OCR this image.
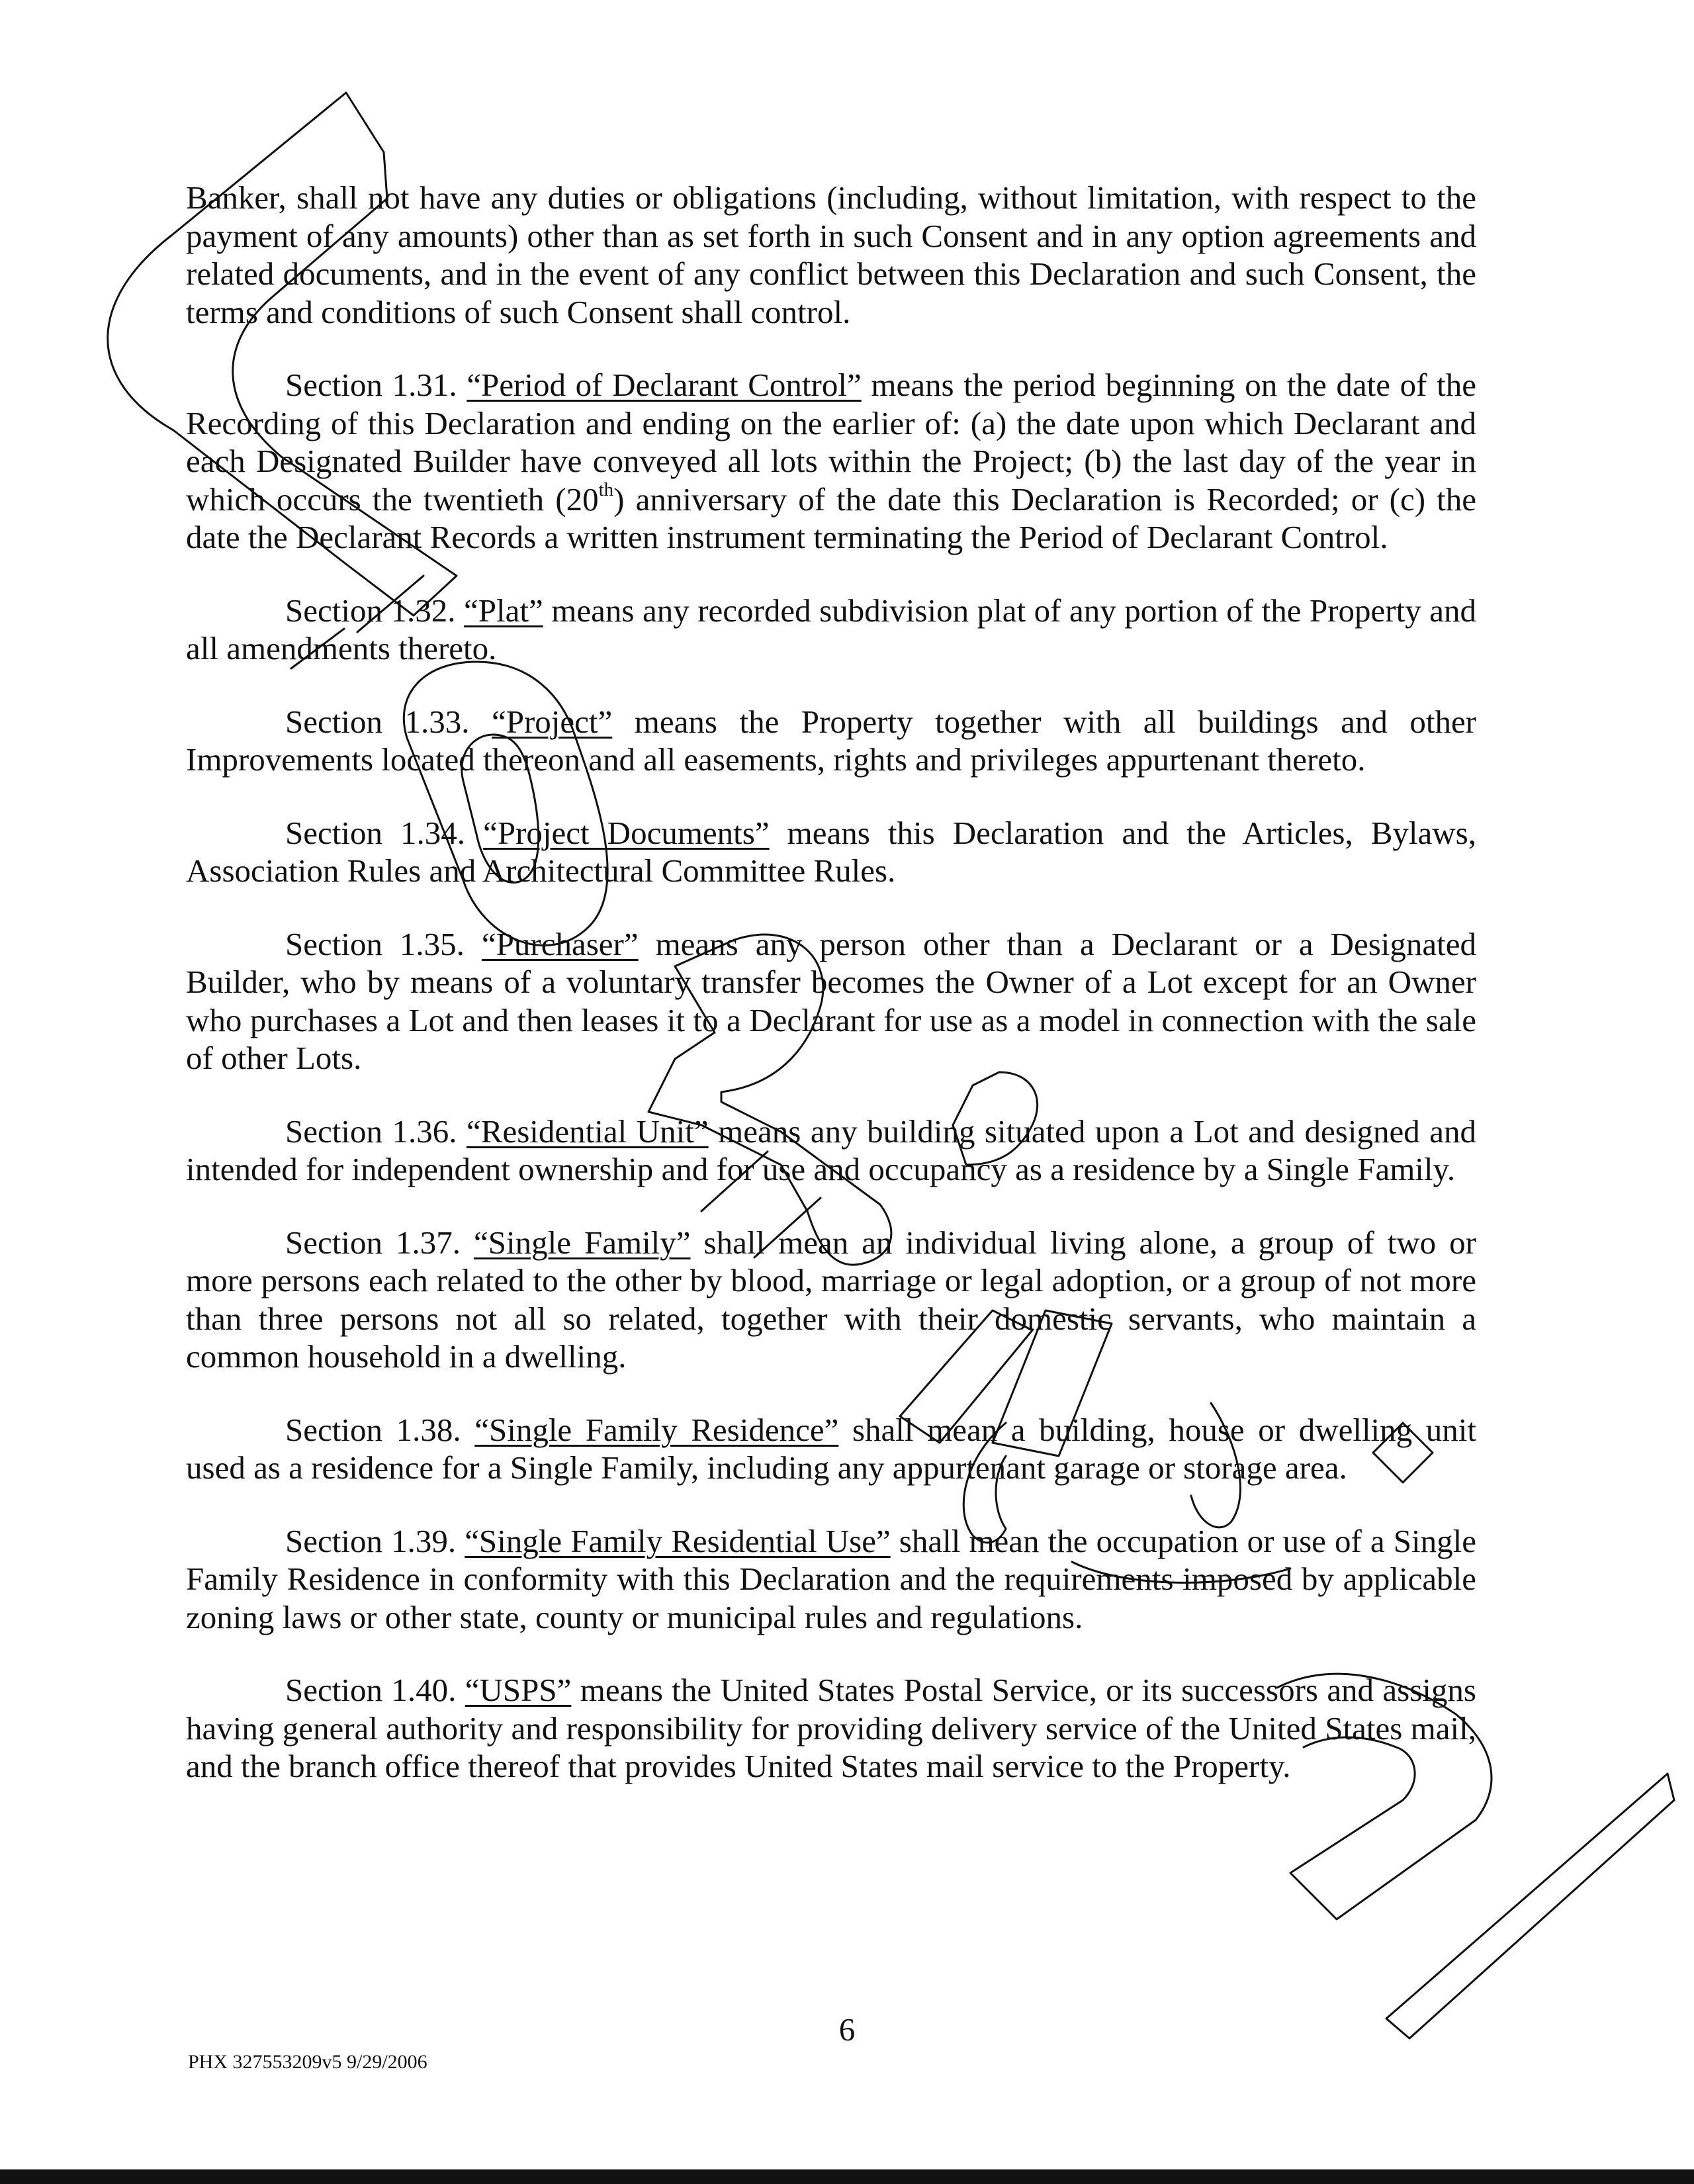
Banker, shall not have any duties or obligations (including, without limitation, with respect to the payment of any amounts) other than as set forth in such Consent and in any option agreements and related documents, and in the event of any conflict between this Declaration and such Consent, the terms and conditions of such Consent shall control.

Section 1.31. “Period of Declarant Control” means the period beginning on the date of the Recording of this Declaration and ending on the earlier of: (a) the date upon which Declarant and each Designated Builder have conveyed all lots within the Project; (b) the last day of the year in which occurs the twentieth (20th) anniversary of the date this Declaration is Recorded; or (c) the date the Declarant Records a written instrument terminating the Period of Declarant Control.

Section 1.32. “Plat” means any recorded subdivision plat of any portion of the Property and all amendments thereto.

Section 1.33. “Project” means the Property together with all buildings and other Improvements located thereon and all easements, rights and privileges appurtenant thereto.

Section 1.34. “Project Documents” means this Declaration and the Articles, Bylaws, Association Rules and Architectural Committee Rules.

Section 1.35. “Purchaser” means any person other than a Declarant or a Designated Builder, who by means of a voluntary transfer becomes the Owner of a Lot except for an Owner who purchases a Lot and then leases it to a Declarant for use as a model in connection with the sale of other Lots.

Section 1.36. “Residential Unit” means any building situated upon a Lot and designed and intended for independent ownership and for use and occupancy as a residence by a Single Family.

Section 1.37. “Single Family” shall mean an individual living alone, a group of two or more persons each related to the other by blood, marriage or legal adoption, or a group of not more than three persons not all so related, together with their domestic servants, who maintain a common household in a dwelling.

Section 1.38. “Single Family Residence” shall mean a building, house or dwelling unit used as a residence for a Single Family, including any appurtenant garage or storage area.

Section 1.39. “Single Family Residential Use” shall mean the occupation or use of a Single Family Residence in conformity with this Declaration and the requirements imposed by applicable zoning laws or other state, county or municipal rules and regulations.

Section 1.40. “USPS” means the United States Postal Service, or its successors and assigns having general authority and responsibility for providing delivery service of the United States mail, and the branch office thereof that provides United States mail service to the Property.

6
PHX 327553209v5 9/29/2006
